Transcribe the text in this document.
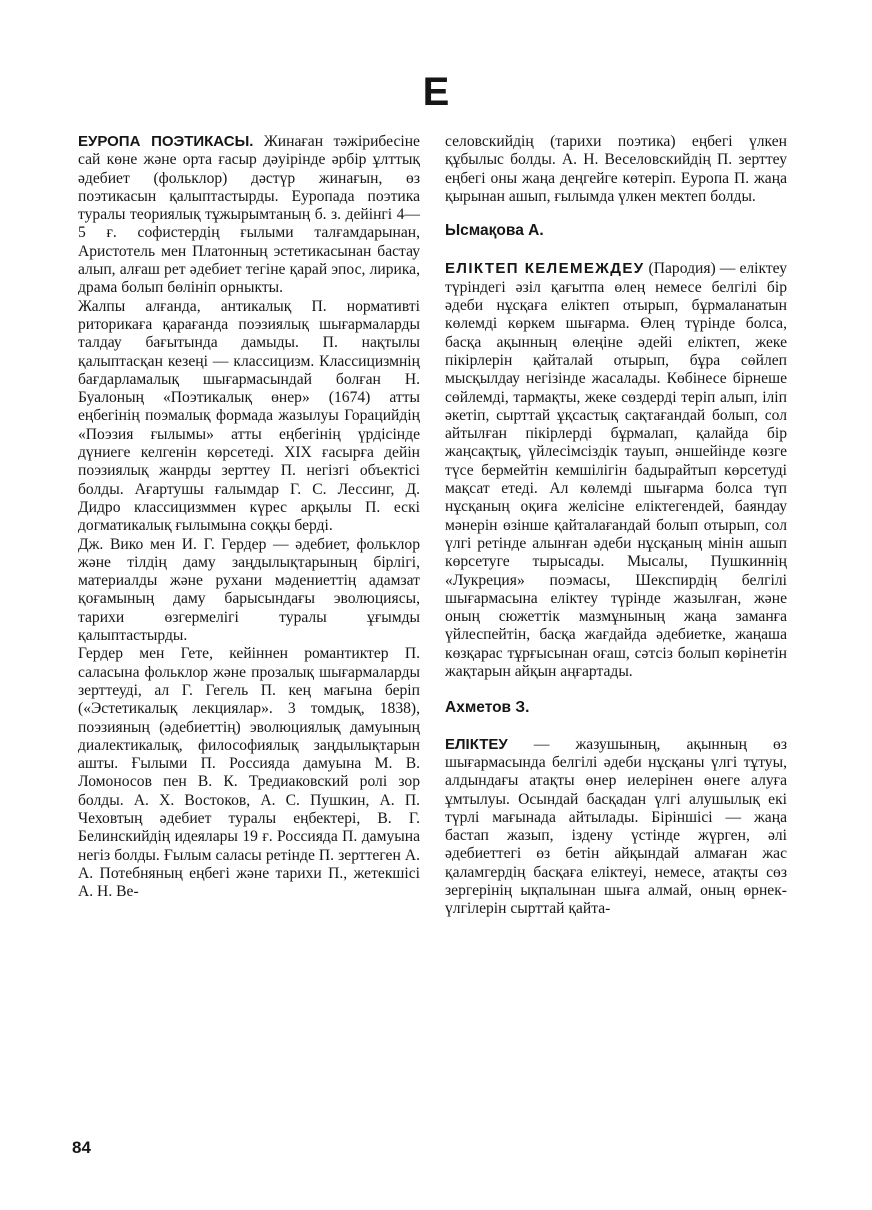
Е

ЕУРОПА ПОЭТИКАСЫ. Жинаған тәжірибесіне сай көне және орта ғасыр дәуірінде әрбір ұлттық әдебиет (фольклор) дәстүр жинағын, өз поэтикасын қалыптастырды. Еуропада поэтика туралы теориялық тұжырымтаның б. з. дейінгі 4—5 ғ. софистердің ғылыми талғамдарынан, Аристотель мен Платонның эстетикасынан бастау алып, алғаш рет әдебиет тегіне қарай эпос, лирика, драма болып бөлініп орныкты.

Жалпы алғанда, антикалық П. нормативті риторикаға қарағанда поэзиялық шығармаларды талдау бағытында дамыды. П. нақтылы қалыптасқан кезеңі — классицизм. Классицизмнің бағдарламалық шығармасындай болған Н. Буалоның «Поэтикалық өнер» (1674) атты еңбегінің поэмалық формада жазылуы Горацийдің «Поэзия ғылымы» атты еңбегінің үрдісінде дүниеге келгенін көрсетеді. XIX ғасырға дейін поэзиялық жанрды зерттеу П. негізгі объектісі болды. Ағартушы ғалымдар Г. С. Лессинг, Д. Дидро классицизммен күрес арқылы П. ескі догматикалық ғылымына соққы берді.

Дж. Вико мен И. Г. Гердер — әдебиет, фольклор және тілдің даму заңдылықтарының бірлігі, материалды және рухани мәдениеттің адамзат қоғамының даму барысындағы эволюциясы, тарихи өзгермелігі туралы ұғымды қалыптастырды.

Гердер мен Гете, кейіннен романтиктер П. саласына фольклор және прозалық шығармаларды зерттеуді, ал Г. Гегель П. кең мағына беріп («Эстетикалық лекциялар». 3 томдық, 1838), поэзияның (әдебиеттің) эволюциялық дамуының диалектикалық, философиялық заңдылықтарын ашты. Ғылыми П. Россияда дамуына М. В. Ломоносов пен В. К. Тредиаковский ролі зор болды. А. Х. Востоков, А. С. Пушкин, А. П. Чеховтың әдебиет туралы еңбектері, В. Г. Белинскийдің идеялары 19 ғ. Россияда П. дамуына негіз болды. Ғылым саласы ретінде П. зерттеген А. А. Потебняның еңбегі және тарихи П., жетекшісі А. Н. Ве-

селовскийдің (тарихи поэтика) еңбегі үлкен құбылыс болды. А. Н. Веселовскийдің П. зерттеу еңбегі оны жаңа деңгейге көтеріп. Еуропа П. жаңа қырынан ашып, ғылымда үлкен мектеп болды.

Ысмақова А.

ЕЛІКТЕП КЕЛЕМЕЖДЕУ (Пародия) — еліктеу түріндегі әзіл қағытпа өлең немесе белгілі бір әдеби нұсқаға еліктеп отырып, бұрмаланатын көлемді көркем шығарма. Өлең түрінде болса, басқа ақынның өлеңіне әдейі еліктеп, жеке пікірлерін қайталай отырып, бұра сөйлеп мысқылдау негізінде жасалады. Көбінесе бірнеше сөйлемді, тармақты, жеке сөздерді теріп алып, іліп әкетіп, сырттай ұқсастық сақтағандай болып, сол айтылған пікірлерді бұрмалап, қалайда бір жаңсақтық, үйлесімсіздік тауып, әншейінде көзге түсе бермейтін кемшілігін бадырайтып көрсетуді мақсат етеді. Ал көлемді шығарма болса түп нұсқаның оқиға желісіне еліктегендей, баяндау мәнерін өзінше қайталағандай болып отырып, сол үлгі ретінде алынған әдеби нұсқаның мінін ашып көрсетуге тырысады. Мысалы, Пушкиннің «Лукреция» поэмасы, Шекспирдің белгілі шығармасына еліктеу түрінде жазылған, және оның сюжеттік мазмұнының жаңа заманға үйлеспейтін, басқа жағдайда әдебиетке, жаңаша көзқарас тұрғысынан оғаш, сәтсіз болып көрінетін жақтарын айқын аңғартады.

Ахметов З.

ЕЛІКТЕУ — жазушының, ақынның өз шығармасында белгілі әдеби нұсқаны үлгі тұтуы, алдындағы атақты өнер иелерінен өнеге алуға ұмтылуы. Осындай басқадан үлгі алушылық екі түрлі мағынада айтылады. Біріншісі — жаңа бастап жазып, іздену үстінде жүрген, әлі әдебиеттегі өз бетін айқындай алмаған жас қаламгердің басқаға еліктеуі, немесе, атақты сөз зергерінің ықпалынан шыға алмай, оның өрнек-үлгілерін сырттай қайта-

84
